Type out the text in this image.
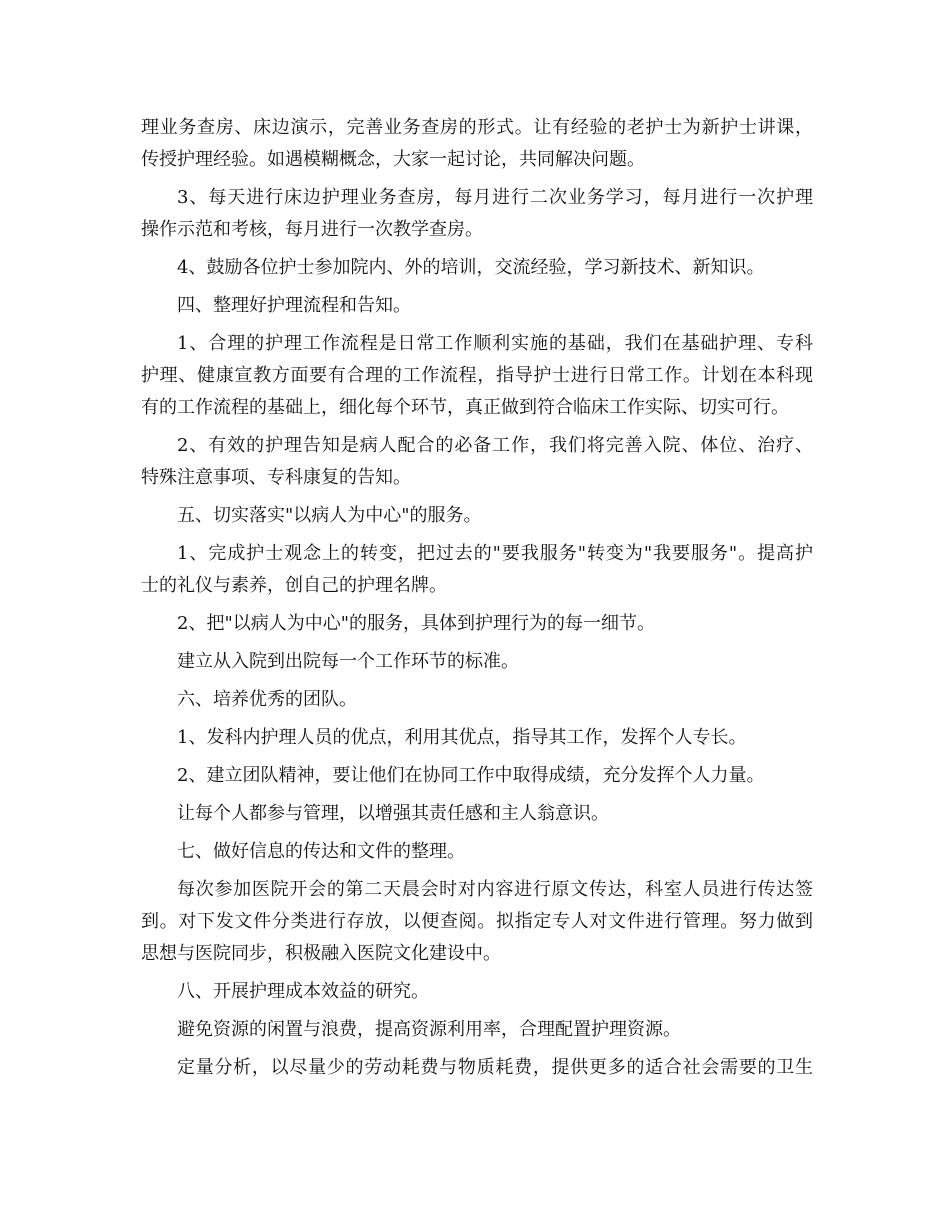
理业务查房、床边演示，完善业务查房的形式。让有经验的老护士为新护士讲课，
传授护理经验。如遇模糊概念，大家一起讨论，共同解决问题。
3、每天进行床边护理业务查房，每月进行二次业务学习，每月进行一次护理
操作示范和考核，每月进行一次教学查房。
4、鼓励各位护士参加院内、外的培训，交流经验，学习新技术、新知识。
四、整理好护理流程和告知。
1、合理的护理工作流程是日常工作顺利实施的基础，我们在基础护理、专科
护理、健康宣教方面要有合理的工作流程，指导护士进行日常工作。计划在本科现
有的工作流程的基础上，细化每个环节，真正做到符合临床工作实际、切实可行。
2、有效的护理告知是病人配合的必备工作，我们将完善入院、体位、治疗、
特殊注意事项、专科康复的告知。
五、切实落实"以病人为中心"的服务。
1、完成护士观念上的转变，把过去的"要我服务"转变为"我要服务"。提高护
士的礼仪与素养，创自己的护理名牌。
2、把"以病人为中心"的服务，具体到护理行为的每一细节。
建立从入院到出院每一个工作环节的标准。
六、培养优秀的团队。
1、发科内护理人员的优点，利用其优点，指导其工作，发挥个人专长。
2、建立团队精神，要让他们在协同工作中取得成绩，充分发挥个人力量。
让每个人都参与管理，以增强其责任感和主人翁意识。
七、做好信息的传达和文件的整理。
每次参加医院开会的第二天晨会时对内容进行原文传达，科室人员进行传达签
到。对下发文件分类进行存放，以便查阅。拟指定专人对文件进行管理。努力做到
思想与医院同步，积极融入医院文化建设中。
八、开展护理成本效益的研究。
避免资源的闲置与浪费，提高资源利用率，合理配置护理资源。
定量分析，以尽量少的劳动耗费与物质耗费，提供更多的适合社会需要的卫生
